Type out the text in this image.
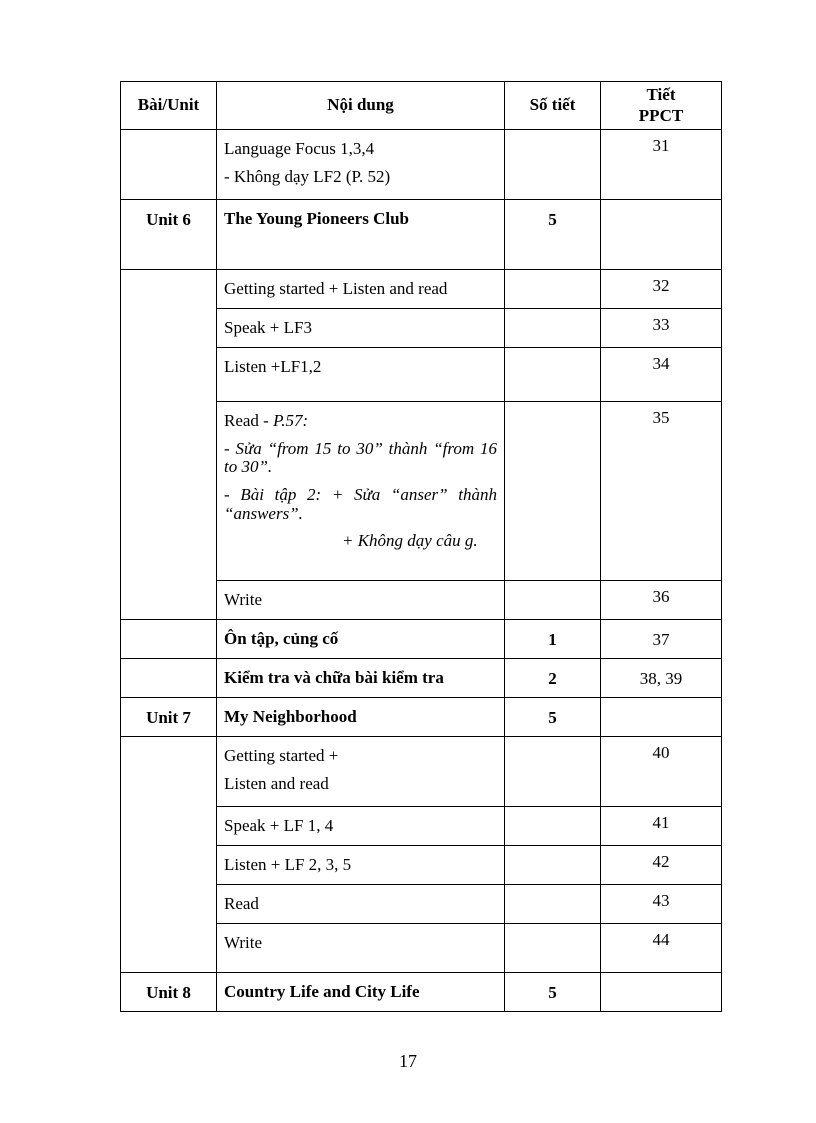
Bài/Unit	Nội dung	Số tiết	Tiết
PPCT

	Language Focus 1,3,4
- Không dạy LF2 (P. 52)		31
Unit 6	The Young Pioneers Club	5	
	Getting started + Listen and read		32
	Speak + LF3		33
	Listen +LF1,2		34

	Read - P.57:
- Sửa “from 15 to 30” thành “from 16 to 30”.
- Bài tập 2: + Sửa “anser” thành “answers”.
+ Không dạy câu g.		35
	Write		36
	Ôn tập, củng cố	1	37
	Kiểm tra và chữa bài kiểm tra	2	38, 39
Unit 7	My Neighborhood	5	

	Getting started +
Listen and read		40
	Speak + LF 1, 4		41
	Listen + LF 2, 3, 5		42
	Read		43
	Write		44
Unit 8	Country Life and City Life	5	
17
